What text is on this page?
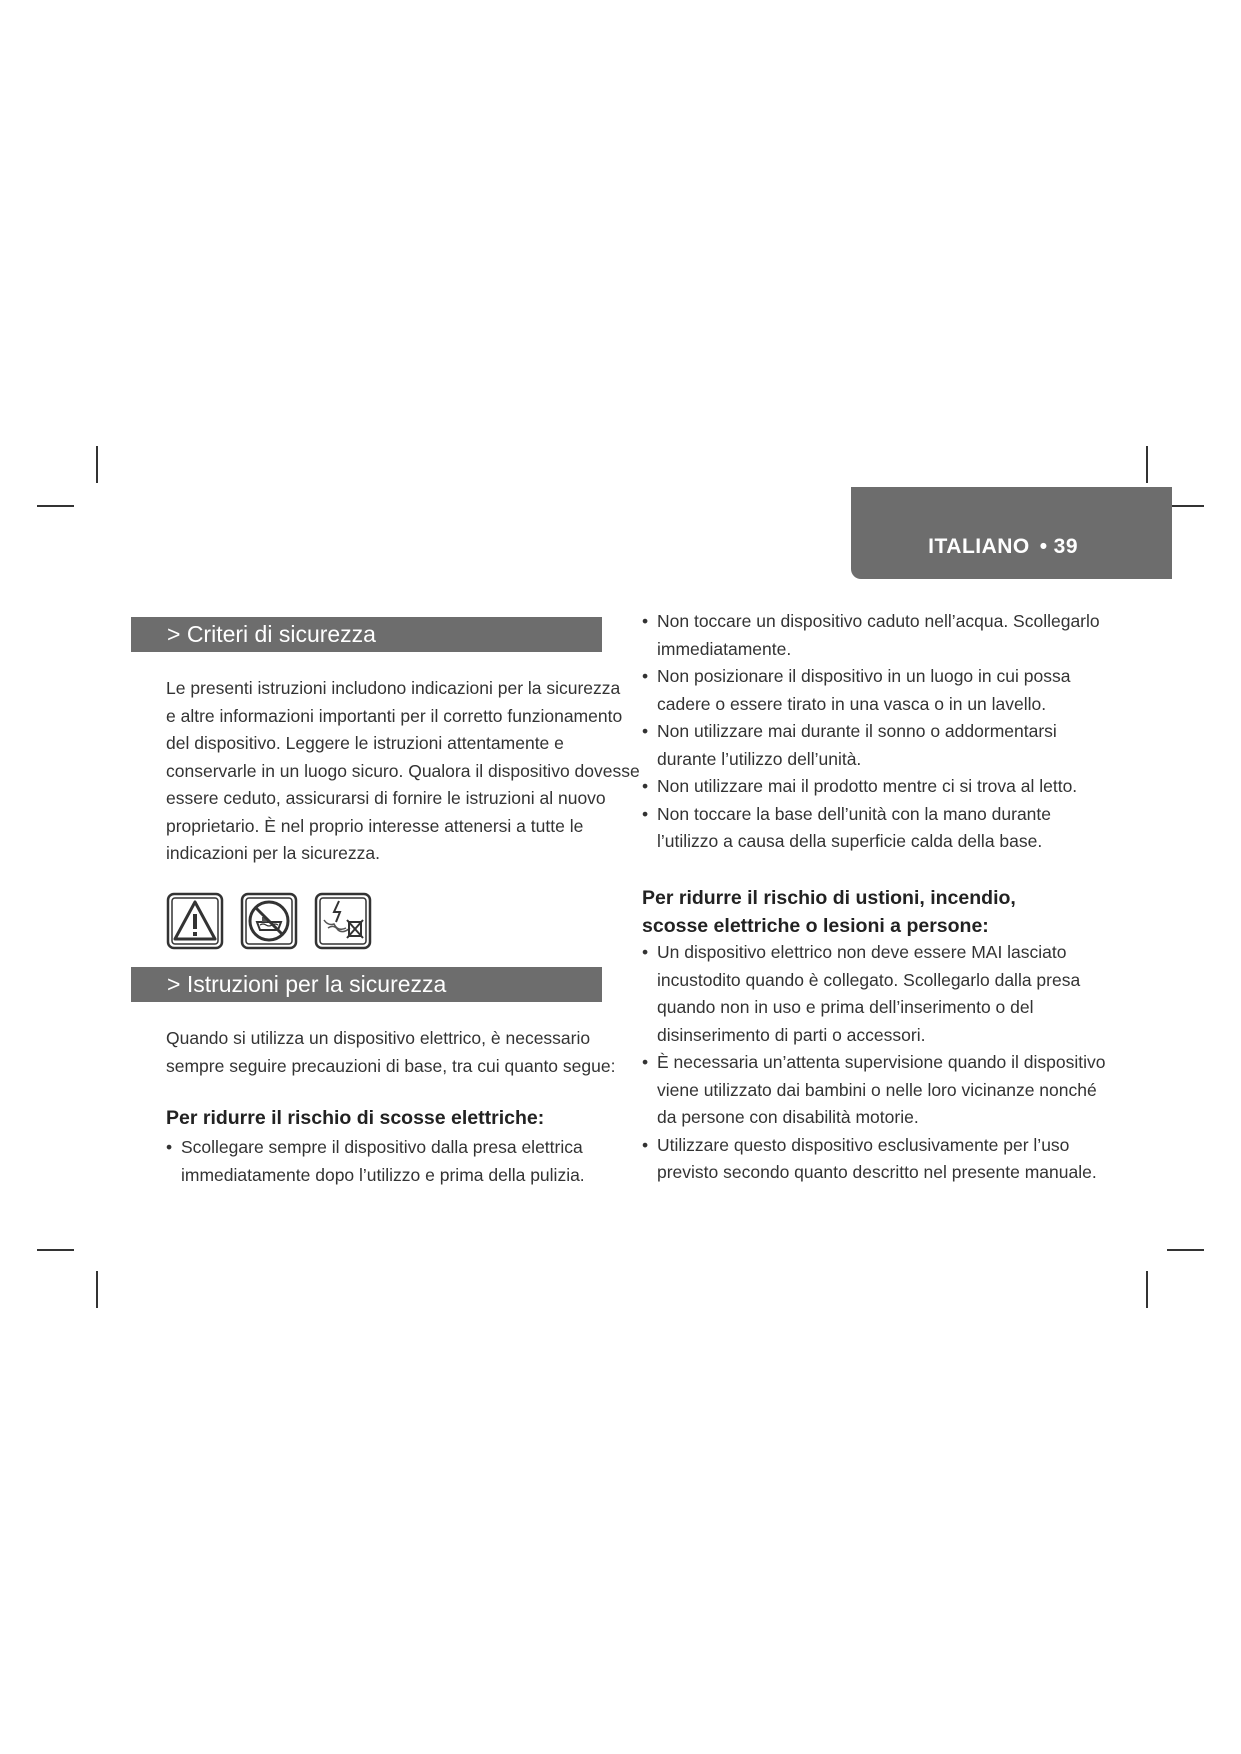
ITALIANO • 39
> Criteri di sicurezza
Le presenti istruzioni includono indicazioni per la sicurezza
e altre informazioni importanti per il corretto funzionamento
del dispositivo. Leggere le istruzioni attentamente e
conservarle in un luogo sicuro. Qualora il dispositivo dovesse
essere ceduto, assicurarsi di fornire le istruzioni al nuovo
proprietario. È nel proprio interesse attenersi a tutte le
indicazioni per la sicurezza.
> Istruzioni per la sicurezza
Quando si utilizza un dispositivo elettrico, è necessario
sempre seguire precauzioni di base, tra cui quanto segue:
Per ridurre il rischio di scosse elettriche:
• Scollegare sempre il dispositivo dalla presa elettrica
immediatamente dopo l’utilizzo e prima della pulizia.
• Non toccare un dispositivo caduto nell’acqua. Scollegarlo
immediatamente.
• Non posizionare il dispositivo in un luogo in cui possa
cadere o essere tirato in una vasca o in un lavello.
• Non utilizzare mai durante il sonno o addormentarsi
durante l’utilizzo dell’unità.
• Non utilizzare mai il prodotto mentre ci si trova al letto.
• Non toccare la base dell’unità con la mano durante
l’utilizzo a causa della superficie calda della base.
Per ridurre il rischio di ustioni, incendio,
scosse elettriche o lesioni a persone:
• Un dispositivo elettrico non deve essere MAI lasciato
incustodito quando è collegato. Scollegarlo dalla presa
quando non in uso e prima dell’inserimento o del
disinserimento di parti o accessori.
• È necessaria un’attenta supervisione quando il dispositivo
viene utilizzato dai bambini o nelle loro vicinanze nonché
da persone con disabilità motorie.
• Utilizzare questo dispositivo esclusivamente per l’uso
previsto secondo quanto descritto nel presente manuale.
